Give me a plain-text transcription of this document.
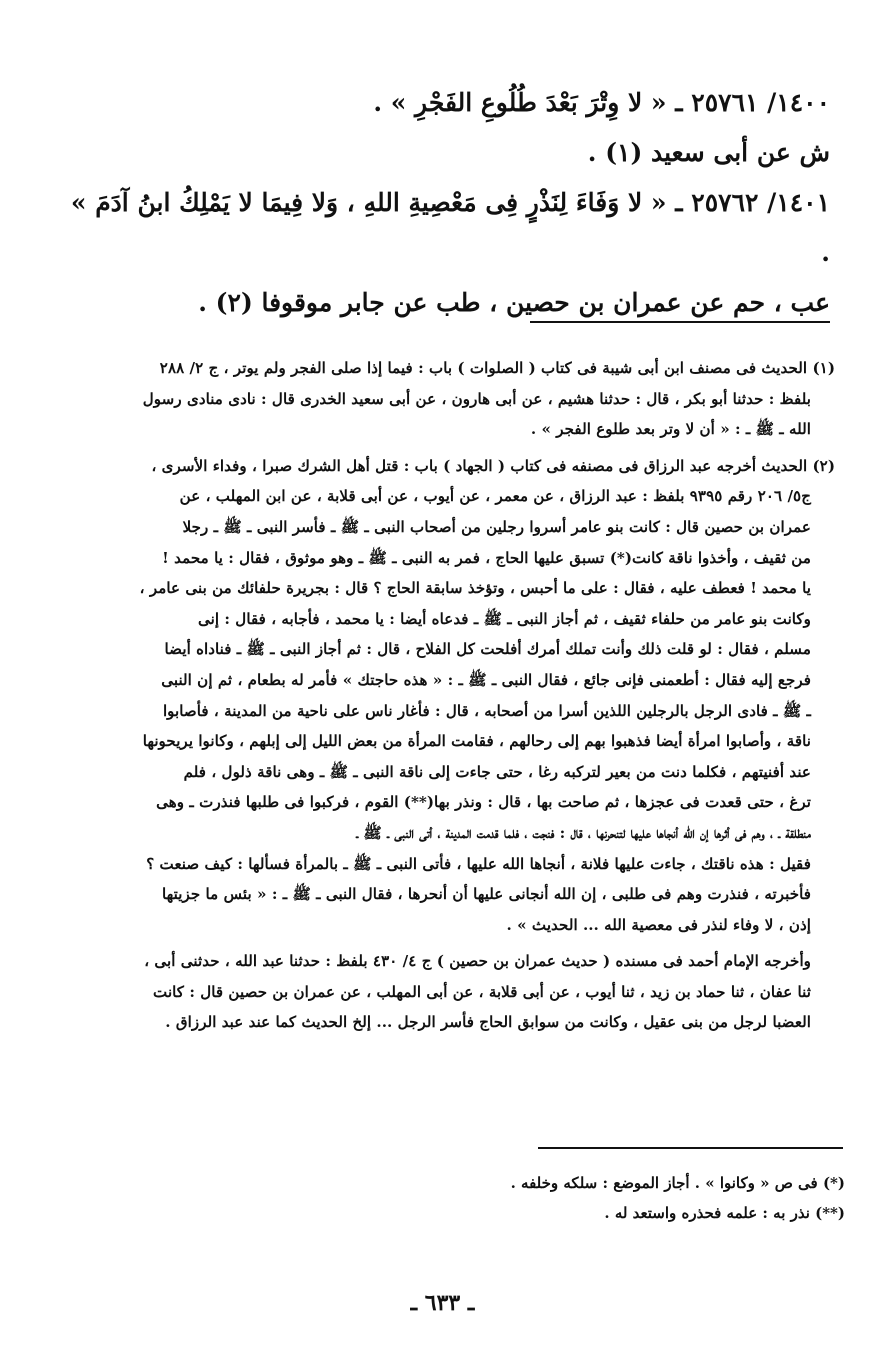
١٤٠٠/ ٢٥٧٦١ ـ « لا وِتْرَ بَعْدَ طُلُوعِ الفَجْرِ » .

ش عن أبى سعيد (١) .

١٤٠١/ ٢٥٧٦٢ ـ « لا وَفَاءَ لِنَذْرٍ فِى مَعْصِيةِ اللهِ ، وَلا فِيمَا لا يَمْلِكُ ابنُ آدَمَ » .

عب ، حم عن عمران بن حصين ، طب عن جابر موقوفا (٢) .

(١) الحديث فى مصنف ابن أبى شيبة فى كتاب ( الصلوات ) باب : فيما إذا صلى الفجر ولم يوتر ، ج ٢/ ٢٨٨

بلفظ : حدثنا أبو بكر ، قال : حدثنا هشيم ، عن أبى هارون ، عن أبى سعيد الخدرى قال : نادى منادى رسول

الله ـ ﷺ ـ : « أن لا وتر بعد طلوع الفجر » .

(٢) الحديث أخرجه عبد الرزاق فى مصنفه فى كتاب ( الجهاد ) باب : قتل أهل الشرك صبرا ، وفداء الأسرى ،

ج٥/ ٢٠٦ رقم ٩٣٩٥ بلفظ : عبد الرزاق ، عن معمر ، عن أيوب ، عن أبى قلابة ، عن ابن المهلب ، عن

عمران بن حصين قال : كانت بنو عامر أسروا رجلين من أصحاب النبى ـ ﷺ ـ فأسر النبى ـ ﷺ ـ رجلا

من ثقيف ، وأخذوا ناقة كانت(*) تسبق عليها الحاج ، فمر به النبى ـ ﷺ ـ وهو موثوق ، فقال : يا محمد !

يا محمد ! فعطف عليه ، فقال : على ما أحبس ، وتؤخذ سابقة الحاج ؟ قال : بجريرة حلفائك من بنى عامر ،

وكانت بنو عامر من حلفاء ثقيف ، ثم أجاز النبى ـ ﷺ ـ فدعاه أيضا : يا محمد ، فأجابه ، فقال : إنى

مسلم ، فقال : لو قلت ذلك وأنت تملك أمرك أفلحت كل الفلاح ، قال : ثم أجاز النبى ـ ﷺ ـ فناداه أيضا

فرجع إليه فقال : أطعمنى فإنى جائع ، فقال النبى ـ ﷺ ـ : « هذه حاجتك » فأمر له بطعام ، ثم إن النبى

ـ ﷺ ـ فادى الرجل بالرجلين اللذين أسرا من أصحابه ، قال : فأغار ناس على ناحية من المدينة ، فأصابوا

ناقة ، وأصابوا امرأة أيضا فذهبوا بهم إلى رحالهم ، فقامت المرأة من بعض الليل إلى إبلهم ، وكانوا يريحونها

عند أفنيتهم ، فكلما دنت من بعير لتركبه رغا ، حتى جاءت إلى ناقة النبى ـ ﷺ ـ وهى ناقة ذلول ، فلم

ترغ ، حتى قعدت فى عجزها ، ثم صاحت بها ، قال : ونذر بها(**) القوم ، فركبوا فى طلبها فنذرت ـ وهى

منطلقة ـ ، وهم فى أثرها إن الله أنجاها عليها لتنحرنها ، قال : فنجت ، فلما قدمت المدينة ، أتى النبى ـ ﷺ ـ

فقيل : هذه ناقتك ، جاءت عليها فلانة ، أنجاها الله عليها ، فأتى النبى ـ ﷺ ـ بالمرأة فسألها : كيف صنعت ؟

فأخبرته ، فنذرت وهم فى طلبى ، إن الله أنجانى عليها أن أنحرها ، فقال النبى ـ ﷺ ـ : « بئس ما جزيتها

إذن ، لا وفاء لنذر فى معصية الله ... الحديث » .

وأخرجه الإمام أحمد فى مسنده ( حديث عمران بن حصين ) ج ٤/ ٤٣٠ بلفظ : حدثنا عبد الله ، حدثنى أبى ،

ثنا عفان ، ثنا حماد بن زيد ، ثنا أيوب ، عن أبى قلابة ، عن أبى المهلب ، عن عمران بن حصين قال : كانت

العضبا لرجل من بنى عقيل ، وكانت من سوابق الحاج فأسر الرجل ... إلخ الحديث كما عند عبد الرزاق .

(*) فى ص « وكانوا » . أجاز الموضع : سلكه وخلفه .

(**) نذر به : علمه فحذره واستعد له .

ـ ٦٣٣ ـ
